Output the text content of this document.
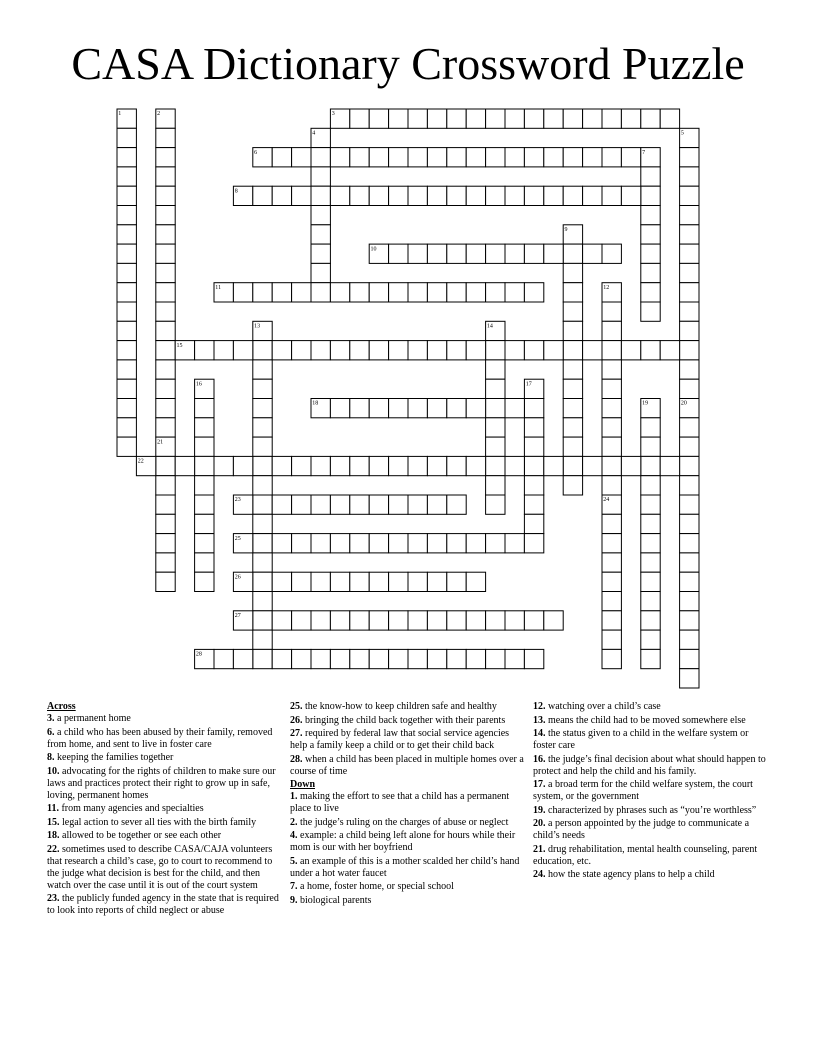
CASA Dictionary Crossword Puzzle
1	2	3
4	5
6	7
8
9
10
11	12
13	14
15
16	17
18	19	20
21
22
23	24
25
26
27
28
Across
3. a permanent home
6. a child who has been abused by their family, removed from home, and sent to live in foster care
8. keeping the families together
10. advocating for the rights of children to make sure our laws and practices protect their right to grow up in safe, loving, permanent homes
11. from many agencies and specialties
15. legal action to sever all ties with the birth family
18. allowed to be together or see each other
22. sometimes used to describe CASA/CAJA volunteers that research a child’s case, go to court to recommend to the judge what decision is best for the child, and then watch over the case until it is out of the court system
23. the publicly funded agency in the state that is required to look into reports of child neglect or abuse
25. the know-how to keep children safe and healthy
26. bringing the child back together with their parents
27. required by federal law that social service agencies help a family keep a child or to get their child back
28. when a child has been placed in multiple homes over a course of time
Down
1. making the effort to see that a child has a permanent place to live
2. the judge’s ruling on the charges of abuse or neglect
4. example: a child being left alone for hours while their mom is our with her boyfriend
5. an example of this is a mother scalded her child’s hand under a hot water faucet
7. a home, foster home, or special school
9. biological parents
12. watching over a child’s case
13. means the child had to be moved somewhere else
14. the status given to a child in the welfare system or foster care
16. the judge’s final decision about what should happen to protect and help the child and his family.
17. a broad term for the child welfare system, the court system, or the government
19. characterized by phrases such as “you’re worthless”
20. a person appointed by the judge to communicate a child’s needs
21. drug rehabilitation, mental health counseling, parent education, etc.
24. how the state agency plans to help a child
